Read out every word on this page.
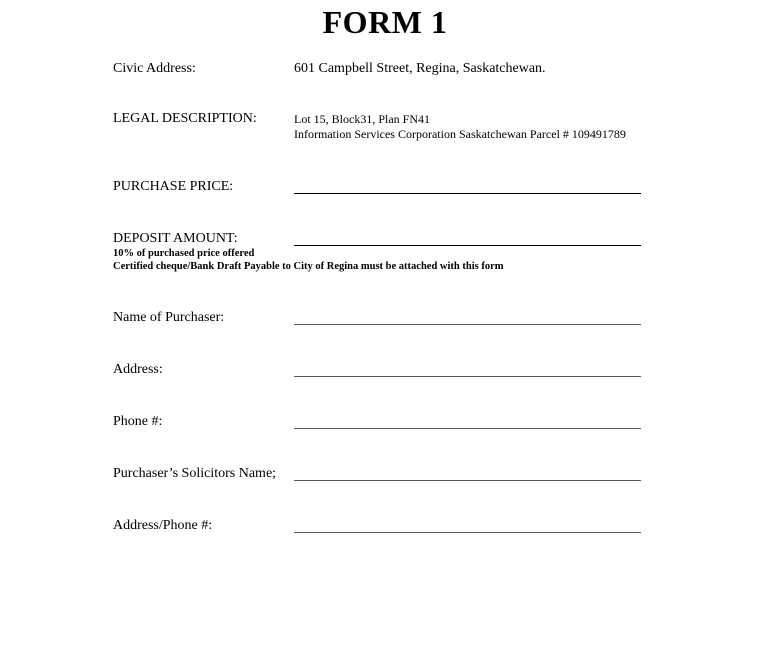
FORM 1
Civic Address:	601 Campbell Street, Regina, Saskatchewan.
LEGAL DESCRIPTION:	Lot 15, Block31, Plan FN41
Information Services Corporation Saskatchewan Parcel # 109491789
PURCHASE PRICE:
DEPOSIT AMOUNT:
10% of purchased price offered
Certified cheque/Bank Draft Payable to City of Regina must be attached with this form
Name of Purchaser:
Address:
Phone #:
Purchaser’s Solicitors Name;
Address/Phone #:
